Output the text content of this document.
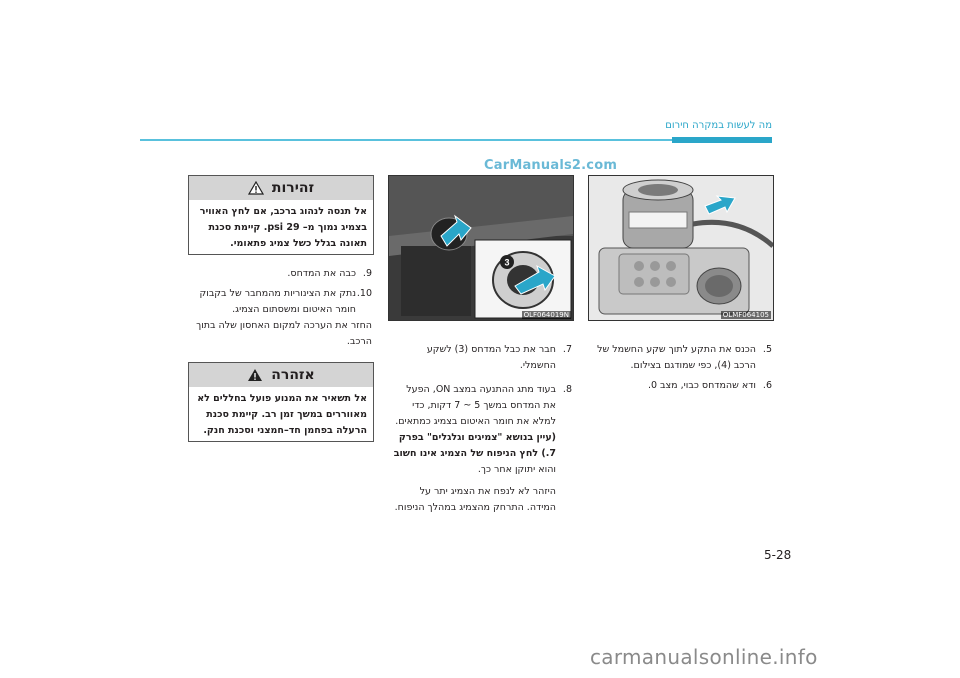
מה לעשות במקרה חירום
CarManuals2.com
OLMF064105
3
OLF064019N
זהירות
אל תנסה לנהוג ברכב, אם לחץ האוויר
בצמיג נמוך מ– 29 psi. קיימת סכנת
תאונה בגלל כשל צמיג פתאומי.
אזהרה
אל תשאיר את המנוע פועל בחללים לא
מאווררים במשך זמן רב. קיימת סכנת
הרעלה בפחמן חד–חמצני וסכנת חנק.
5.הכנס את התקע לתוך שקע החשמל של
הרכב (4), כפי שמודגם בצילום.
6.ודא שהמדחס כבוי, מצב 0.
7.חבר את כבל המדחס (3) לשקע
החשמלי.
8.בעוד מתג ההתנעה במצב ON, הפעל
את המדחס במשך 5 ~ 7 דקות, כדי
למלא את חומר האיטום בצמיג כמתאים.
(עיין בנושא "צמיגים וגלגלים" בפרק
7.) לחץ הניפוח של הצמיג אינו חשוב
והוא יתוקן אחר כך.
היזהר לא לנפח את הצמיג יתר על
המידה. התרחק מהצמיג במהלך הניפוח.
9.כבה את המדחס.
10.נתק את הצינוריות מהמחבר של בקבוק
חומר האיטום ומשסתום הצמיג.
החזר את הערכה למקום האחסון שלה בתוך
הרכב.
5-28
carmanualsonline.info
